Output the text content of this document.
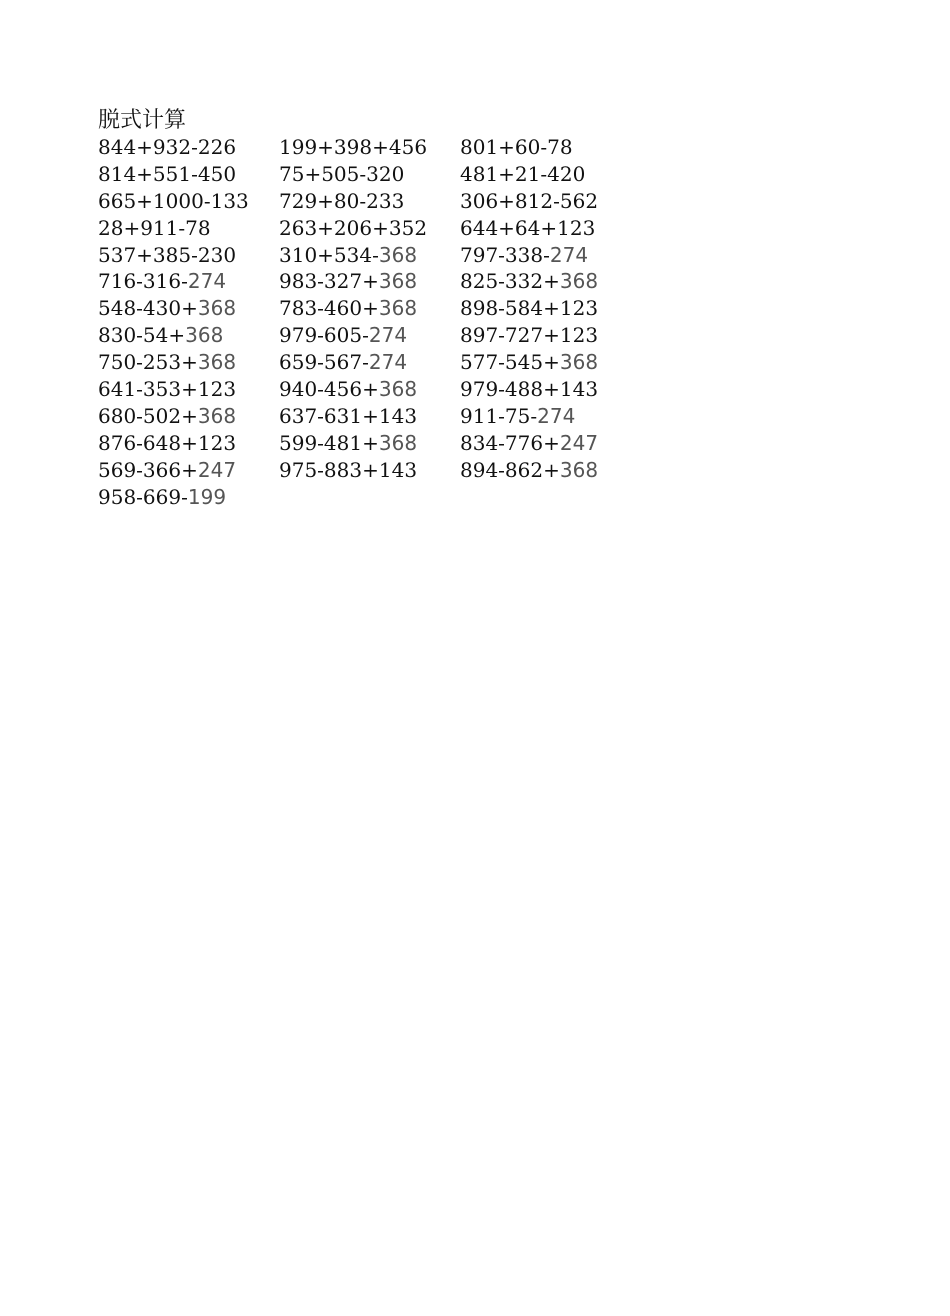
脱式计算
844+932-226	199+398+456	801+60-78
814+551-450	75+505-320	481+21-420
665+1000-133	729+80-233	306+812-562
28+911-78	263+206+352	644+64+123
537+385-230	310+534-368	797-338-274
716-316-274	983-327+368	825-332+368
548-430+368	783-460+368	898-584+123
830-54+368	979-605-274	897-727+123
750-253+368	659-567-274	577-545+368
641-353+123	940-456+368	979-488+143
680-502+368	637-631+143	911-75-274
876-648+123	599-481+368	834-776+247
569-366+247	975-883+143	894-862+368
958-669-199
